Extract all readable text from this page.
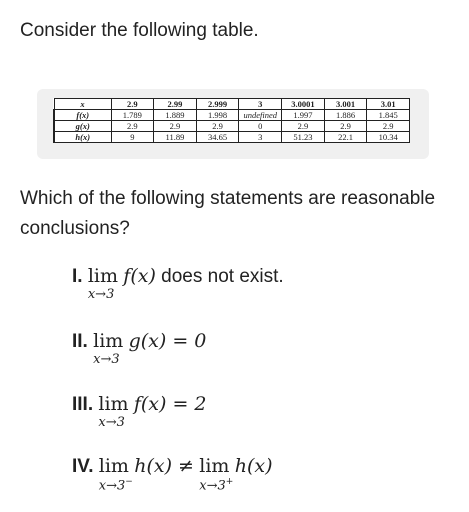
Consider the following table.
x	2.9	2.99	2.999	3	3.0001	3.001	3.01
f(x)	1.789	1.889	1.998	undefined	1.997	1.886	1.845
g(x)	2.9	2.9	2.9	0	2.9	2.9	2.9
h(x)	9	11.89	34.65	3	51.23	22.1	10.34
Which of the following statements are reasonable conclusions?
I. lim
x→3
f(x) does not exist.
II. lim
x→3
g(x) = 0
III. lim
x→3
f(x) = 2
IV. lim
x→3−
h(x) ≠ lim
x→3+
h(x)
